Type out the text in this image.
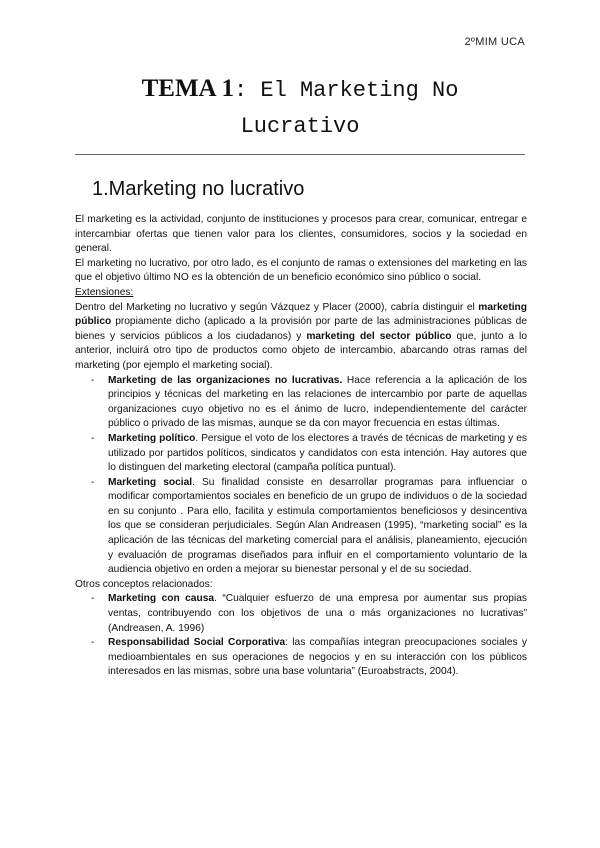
2ºMIM UCA
TEMA 1: El Marketing No
Lucrativo
1.Marketing no lucrativo

El marketing es la actividad, conjunto de instituciones y procesos para crear, comunicar, entregar e intercambiar ofertas que tienen valor para los clientes, consumidores, socios y la sociedad en general.

El marketing no lucrativo, por otro lado, es el conjunto de ramas o extensiones del marketing en las que el objetivo último NO es la obtención de un beneficio económico sino público o social.

Extensiones:

Dentro del Marketing no lucrativo y según Vázquez y Placer (2000), cabría distinguir el marketing público propiamente dicho (aplicado a la provisión por parte de las administraciones públicas de bienes y servicios públicos a los ciudadanos) y marketing del sector público que, junto a lo anterior, incluirá otro tipo de productos como objeto de intercambio, abarcando otras ramas del marketing (por ejemplo el marketing social).

- Marketing de las organizaciones no lucrativas. Hace referencia a la aplicación de los principios y técnicas del marketing en las relaciones de intercambio por parte de aquellas organizaciones cuyo objetivo no es el ánimo de lucro, independientemente del carácter público o privado de las mismas, aunque se da con mayor frecuencia en estas últimas.
- Marketing político. Persigue el voto de los electores a través de técnicas de marketing y es utilizado por partidos políticos, sindicatos y candidatos con esta intención. Hay autores que lo distinguen del marketing electoral (campaña política puntual).
- Marketing social. Su finalidad consiste en desarrollar programas para influenciar o modificar comportamientos sociales en beneficio de un grupo de individuos o de la sociedad en su conjunto . Para ello, facilita y estimula comportamientos beneficiosos y desincentiva los que se consideran perjudiciales. Según Alan Andreasen (1995), “marketing social” es la aplicación de las técnicas del marketing comercial para el análisis, planeamiento, ejecución y evaluación de programas diseñados para influir en el comportamiento voluntario de la audiencia objetivo en orden a mejorar su bienestar personal y el de su sociedad.

Otros conceptos relacionados:

- Marketing con causa. “Cualquier esfuerzo de una empresa por aumentar sus propias ventas, contribuyendo con los objetivos de una o más organizaciones no lucrativas” (Andreasen, A. 1996)
- Responsabilidad Social Corporativa: las compañías integran preocupaciones sociales y medioambientales en sus operaciones de negocios y en su interacción con los públicos interesados en las mismas, sobre una base voluntaria” (Euroabstracts, 2004).
